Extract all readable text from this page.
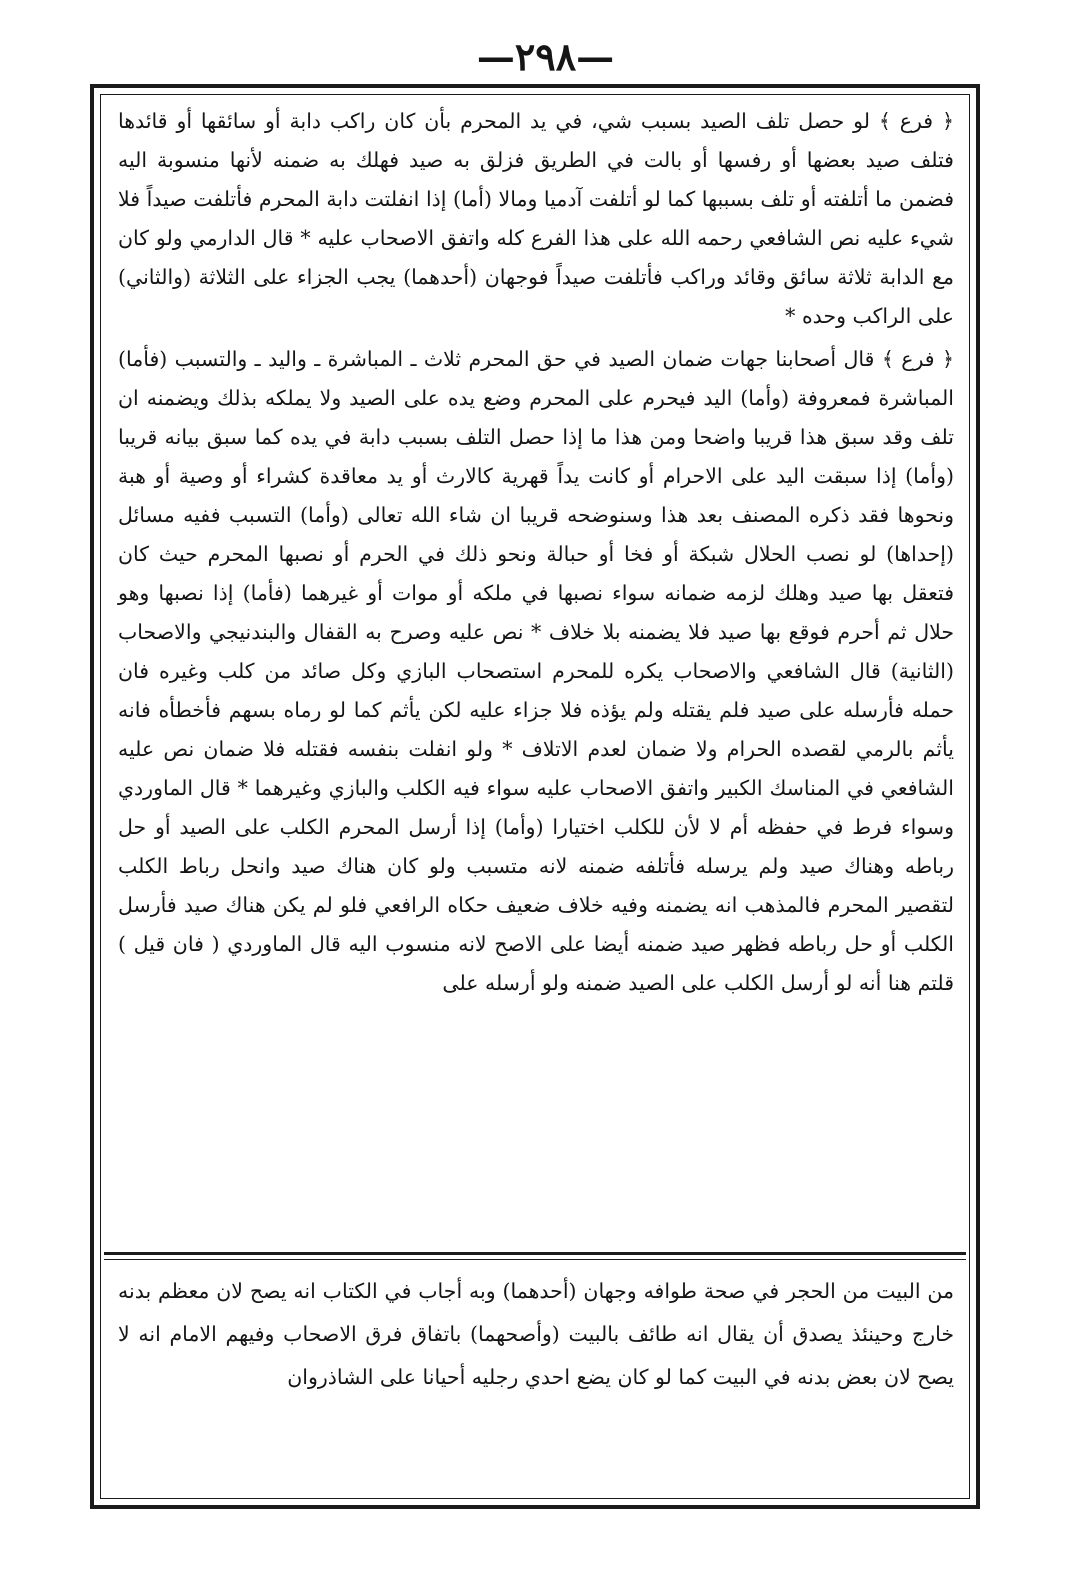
—۲۹۸—

﴿ فرع ﴾ لو حصل تلف الصيد بسبب شي، في يد المحرم بأن كان راكب دابة أو سائقها أو قائدها فتلف صيد بعضها أو رفسها أو بالت في الطريق فزلق به صيد فهلك به ضمنه لأنها منسوبة اليه فضمن ما أتلفته أو تلف بسببها كما لو أتلفت آدميا ومالا (أما) إذا انفلتت دابة المحرم فأتلفت صيداً فلا شيء عليه نص الشافعي رحمه الله على هذا الفرع كله واتفق الاصحاب عليه * قال الدارمي ولو كان مع الدابة ثلاثة سائق وقائد وراكب فأتلفت صيداً فوجهان (أحدهما) يجب الجزاء على الثلاثة (والثاني) على الراكب وحده *

﴿ فرع ﴾ قال أصحابنا جهات ضمان الصيد في حق المحرم ثلاث ـ المباشرة ـ واليد ـ والتسبب (فأما) المباشرة فمعروفة (وأما) اليد فيحرم على المحرم وضع يده على الصيد ولا يملكه بذلك ويضمنه ان تلف وقد سبق هذا قريبا واضحا ومن هذا ما إذا حصل التلف بسبب دابة في يده كما سبق بيانه قريبا (وأما) إذا سبقت اليد على الاحرام أو كانت يداً قهرية كالارث أو يد معاقدة كشراء أو وصية أو هبة ونحوها فقد ذكره المصنف بعد هذا وسنوضحه قريبا ان شاء الله تعالى (وأما) التسبب ففيه مسائل (إحداها) لو نصب الحلال شبكة أو فخا أو حبالة ونحو ذلك في الحرم أو نصبها المحرم حيث كان فتعقل بها صيد وهلك لزمه ضمانه سواء نصبها في ملكه أو موات أو غيرهما (فأما) إذا نصبها وهو حلال ثم أحرم فوقع بها صيد فلا يضمنه بلا خلاف * نص عليه وصرح به القفال والبندنيجي والاصحاب (الثانية) قال الشافعي والاصحاب يكره للمحرم استصحاب البازي وكل صائد من كلب وغيره فان حمله فأرسله على صيد فلم يقتله ولم يؤذه فلا جزاء عليه لكن يأثم كما لو رماه بسهم فأخطأه فانه يأثم بالرمي لقصده الحرام ولا ضمان لعدم الاتلاف * ولو انفلت بنفسه فقتله فلا ضمان نص عليه الشافعي في المناسك الكبير واتفق الاصحاب عليه سواء فيه الكلب والبازي وغيرهما * قال الماوردي وسواء فرط في حفظه أم لا لأن للكلب اختيارا (وأما) إذا أرسل المحرم الكلب على الصيد أو حل رباطه وهناك صيد ولم يرسله فأتلفه ضمنه لانه متسبب ولو كان هناك صيد وانحل رباط الكلب لتقصير المحرم فالمذهب انه يضمنه وفيه خلاف ضعيف حكاه الرافعي فلو لم يكن هناك صيد فأرسل الكلب أو حل رباطه فظهر صيد ضمنه أيضا على الاصح لانه منسوب اليه قال الماوردي ( فان قيل ) قلتم هنا أنه لو أرسل الكلب على الصيد ضمنه ولو أرسله على

من البيت من الحجر في صحة طوافه وجهان (أحدهما) وبه أجاب في الكتاب انه يصح لان معظم بدنه خارج وحينئذ يصدق أن يقال انه طائف بالبيت (وأصحهما) باتفاق فرق الاصحاب وفيهم الامام انه لا يصح لان بعض بدنه في البيت كما لو كان يضع احدي رجليه أحيانا على الشاذروان
